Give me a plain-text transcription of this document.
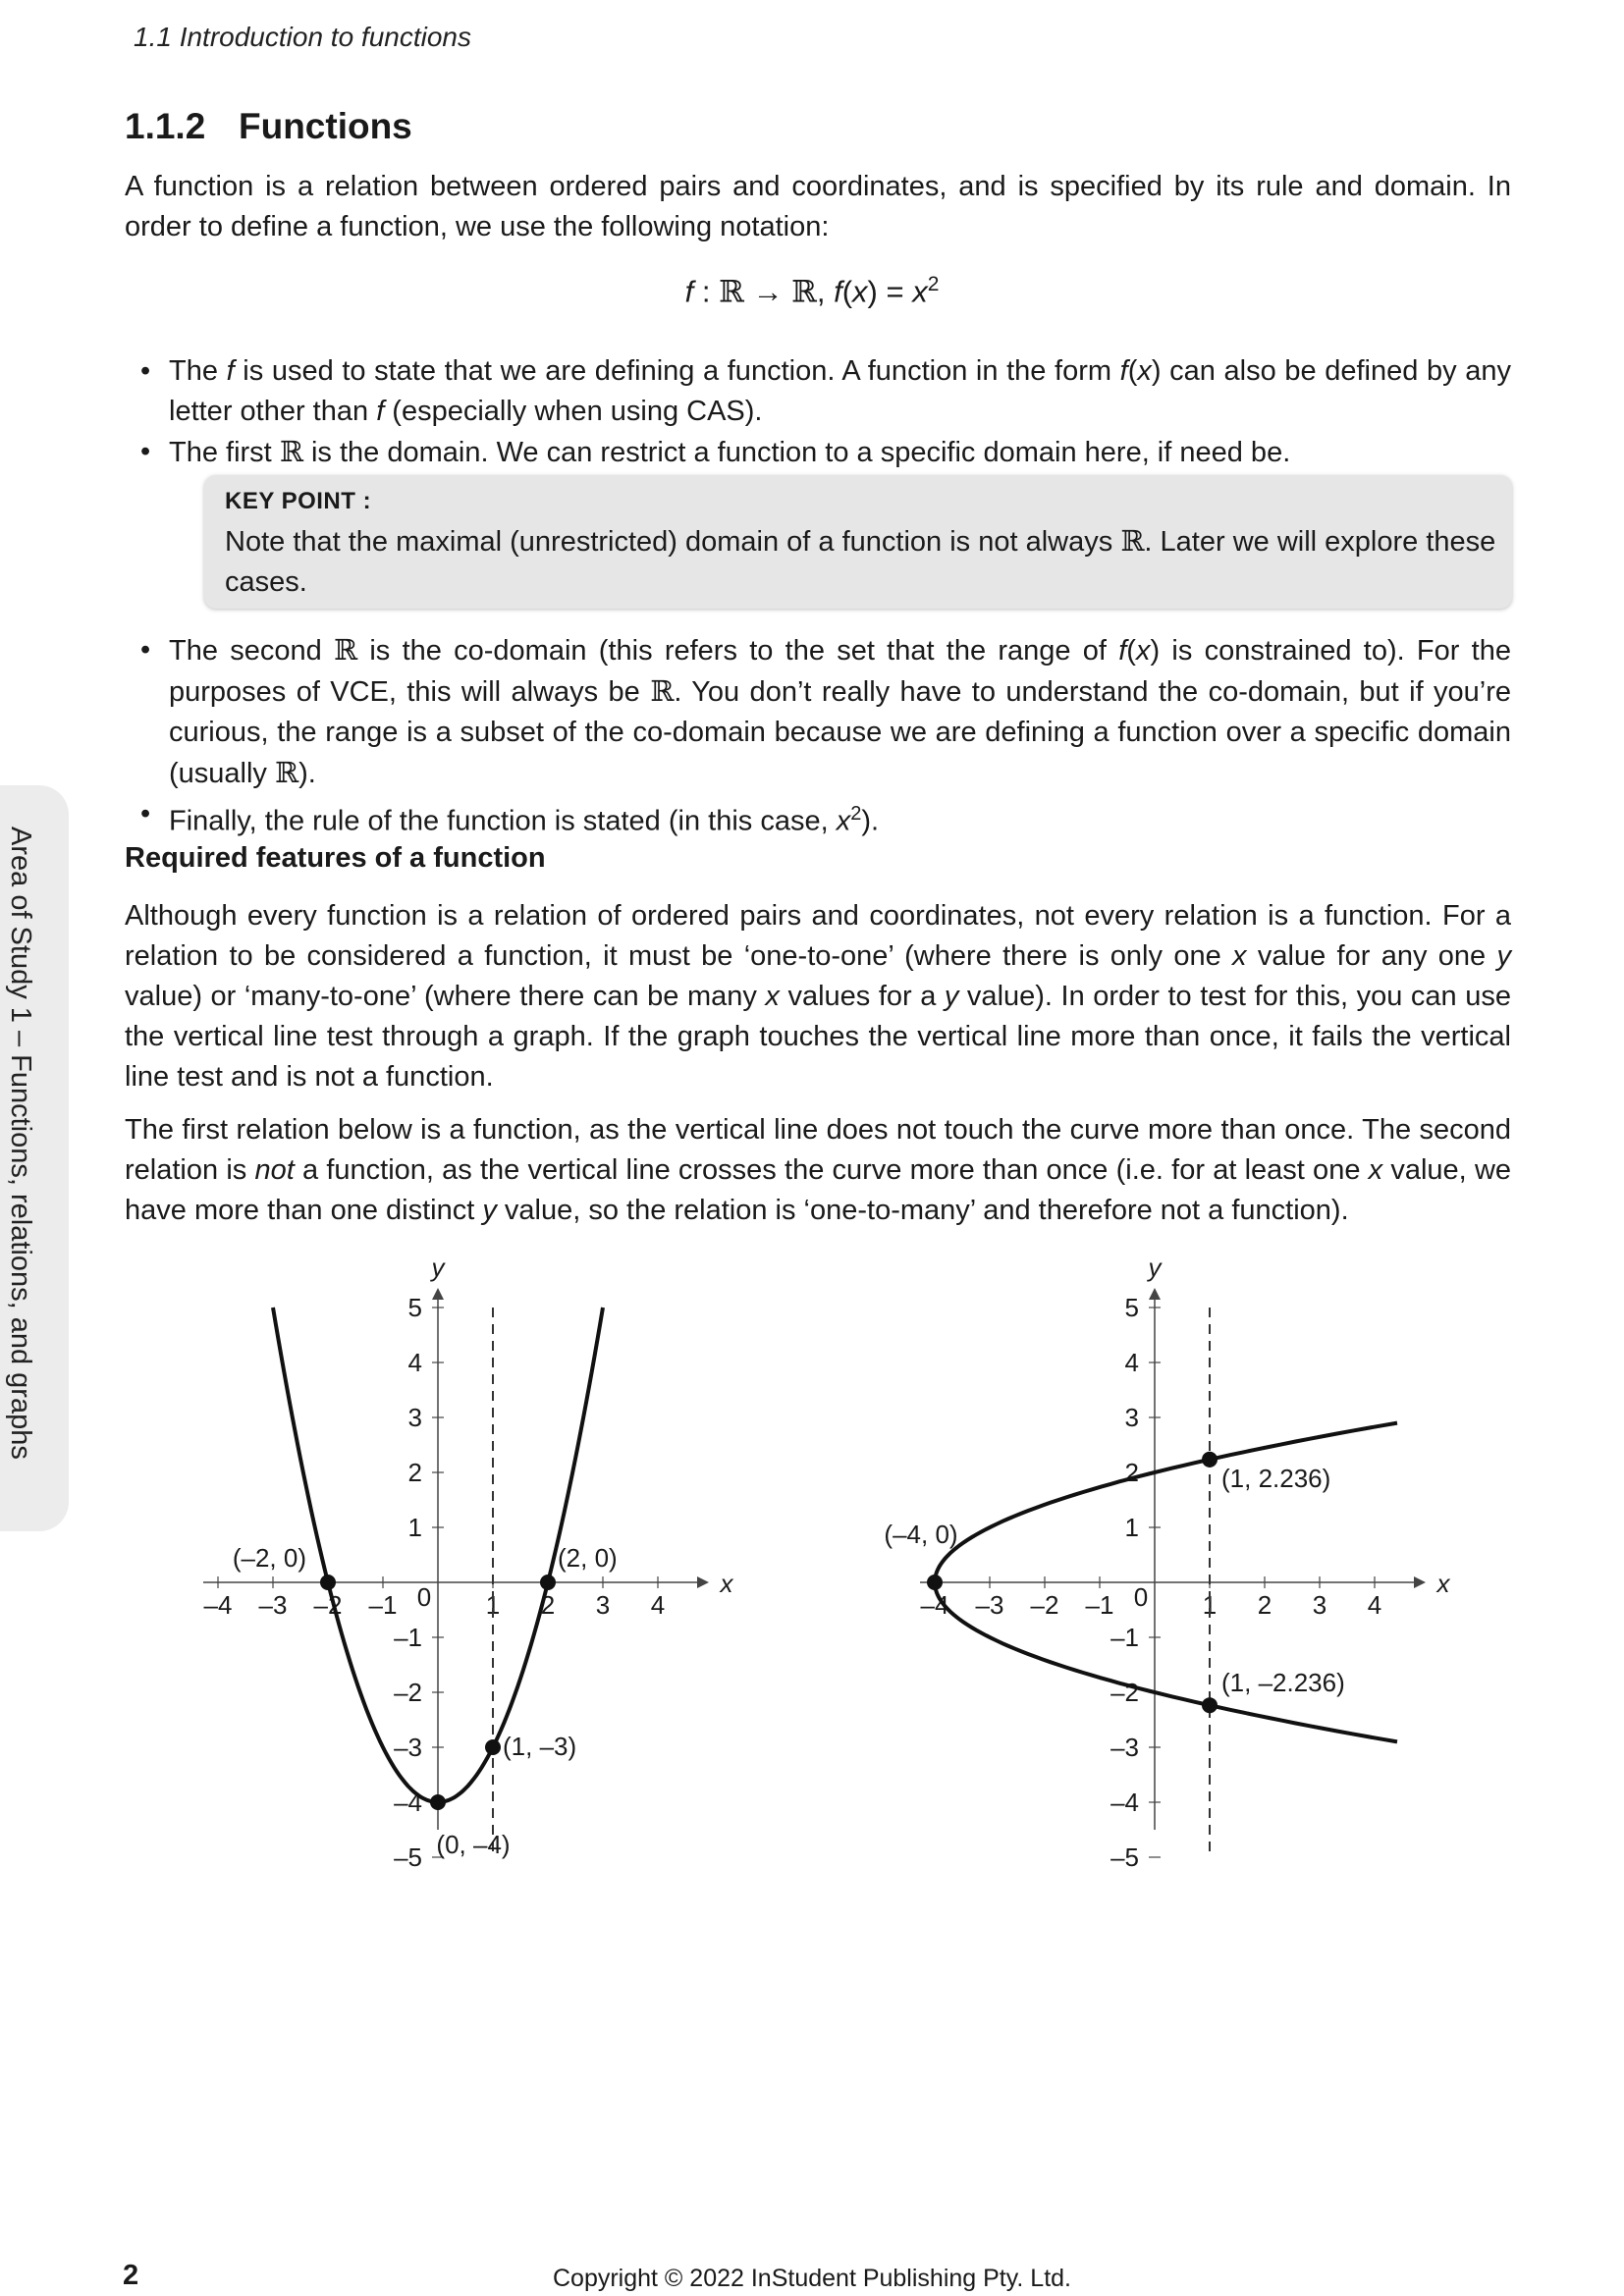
1.1 Introduction to functions
1.1.2 Functions
A function is a relation between ordered pairs and coordinates, and is specified by its rule and domain. In order to define a function, we use the following notation:
f : ℝ → ℝ, $f(x) = x^2$
• The f is used to state that we are defining a function. A function in the form f(x) can also be defined by any letter other than f (especially when using CAS).
• The first ℝ is the domain. We can restrict a function to a specific domain here, if need be.
KEY POINT :
Note that the maximal (unrestricted) domain of a function is not always ℝ. Later we will explore these cases.
• The second ℝ is the co-domain (this refers to the set that the range of f(x) is constrained to). For the purposes of VCE, this will always be ℝ. You don’t really have to understand the co-domain, but if you’re curious, the range is a subset of the co-domain because we are defining a function over a specific domain (usually ℝ).
• Finally, the rule of the function is stated (in this case, $x^2$).
Required features of a function
Although every function is a relation of ordered pairs and coordinates, not every relation is a function. For a relation to be considered a function, it must be ‘one-to-one’ (where there is only one x value for any one y value) or ‘many-to-one’ (where there can be many x values for a y value). In order to test for this, you can use the vertical line test through a graph. If the graph touches the vertical line more than once, it fails the vertical line test and is not a function.
The first relation below is a function, as the vertical line does not touch the curve more than once. The second relation is not a function, as the vertical line crosses the curve more than once (i.e. for at least one x value, we have more than one distinct y value, so the relation is ‘one-to-many’ and therefore not a function).
x
y
–4 –3 –2 –1 0 1 2 3 4
5
4
3
2
1
–1
–2
–3
–4
–5
(–2, 0)	(2, 0)
(1, –3)
(0, –4)
x
y
–4 –3 –2 –1 0 1 2 3 4
5
4
3
2
1
–1
–2
–3
–4
–5
(–4, 0)
(1, 2.236)
(1, –2.236)
Area of Study 1 – Functions, relations, and graphs
2	Copyright © 2022 InStudent Publishing Pty. Ltd.
